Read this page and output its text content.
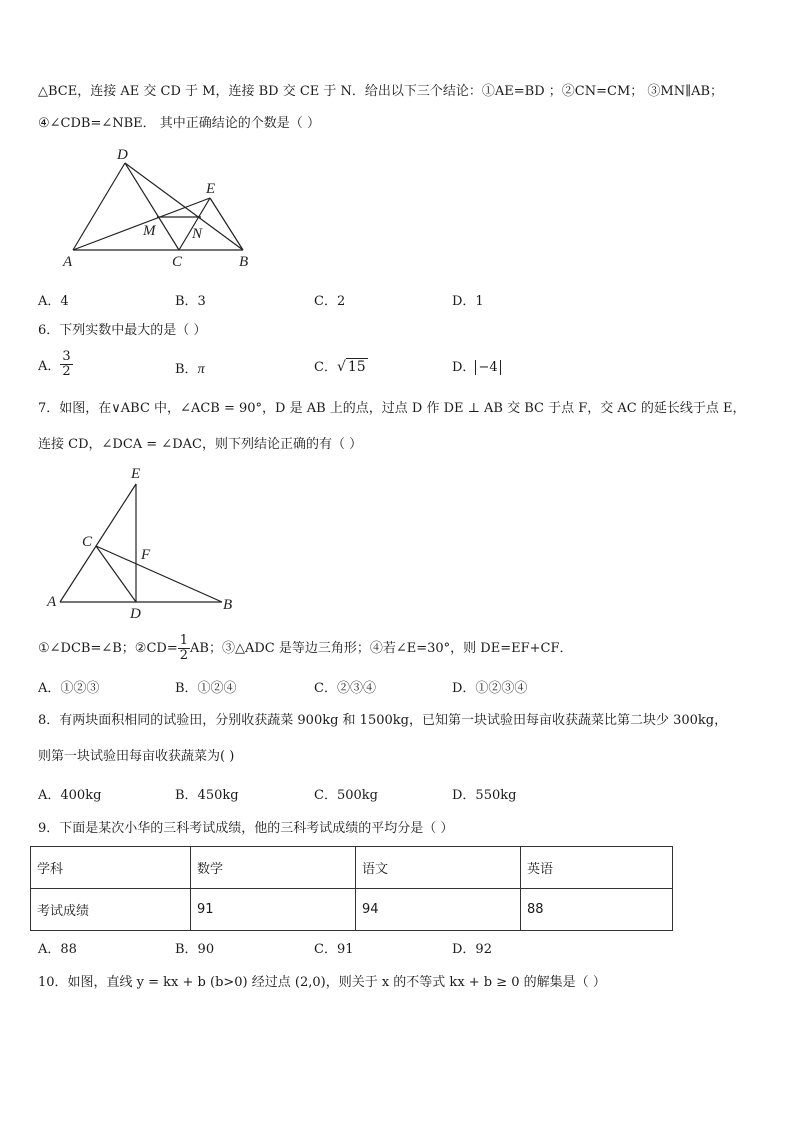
△BCE，连接 AE 交 CD 于 M，连接 BD 交 CE 于 N．给出以下三个结论：①AE=BD ；②CN=CM； ③MN∥AB；
④∠CDB=∠NBE． 其中正确结论的个数是（ ）
D
E
M N
A	C	B
A．4	B．3	C．2	D．1
6．下列实数中最大的是（ ）
A． $\frac{3}{2}$	B．π	C．√ 15	D． −4
7．如图，在∨ABC 中，∠ACB = 90°，D 是 AB 上的点，过点 D 作 DE ⊥ AB 交 BC 于点 F，交 AC 的延长线于点 E，
连接 CD，∠DCA = ∠DAC，则下列结论正确的有（ ）
E
C
F
A
D
B
①∠DCB=∠B；②CD= $\frac{1}{2}$ AB；③△ADC 是等边三角形；④若∠E=30°，则 DE=EF+CF．
A．①②③	B．①②④	C．②③④	D．①②③④
8．有两块面积相同的试验田，分别收获蔬菜 900kg 和 1500kg，已知第一块试验田每亩收获蔬菜比第二块少 300kg，
则第一块试验田每亩收获蔬菜为( )
A．400kg	B．450kg	C．500kg	D．550kg
9．下面是某次小华的三科考试成绩，他的三科考试成绩的平均分是（ ）
学科	数学	语文	英语
考试成绩	91	94	88
A．88	B．90	C．91	D．92
10．如图，直线 y = kx + b (b>0) 经过点 (2,0)，则关于 x 的不等式 kx + b ≥ 0 的解集是（ ）
